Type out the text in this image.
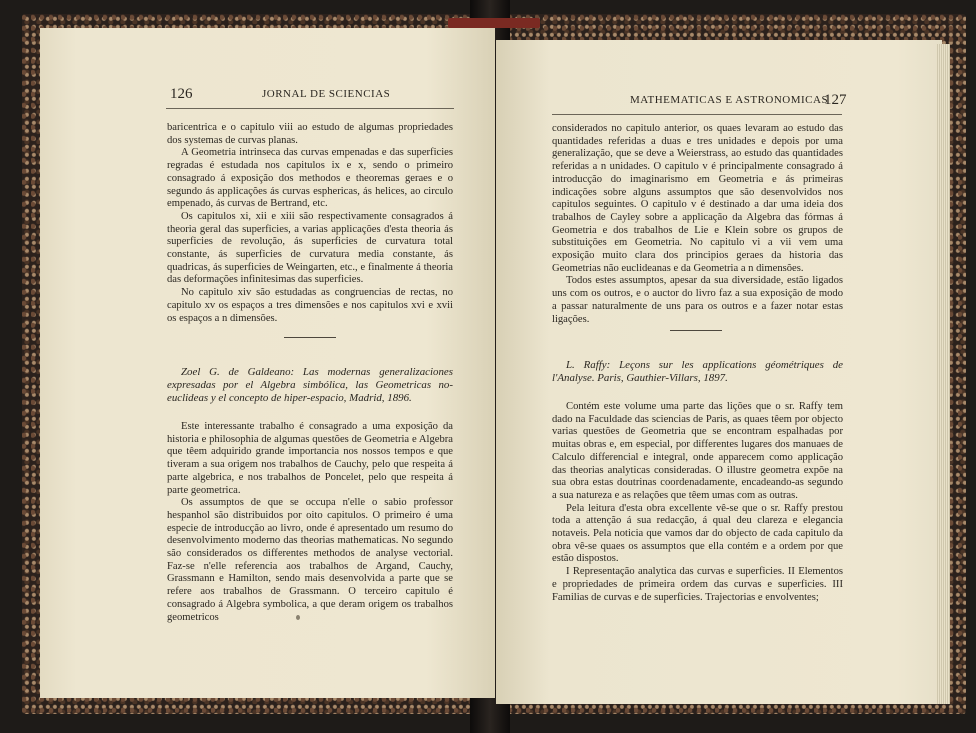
126	JORNAL DE SCIENCIAS

baricentrica e o capitulo viii ao estudo de algumas propriedades dos systemas de curvas planas.

A Geometria intrinseca das curvas empenadas e das superficies regradas é estudada nos capitulos ix e x, sendo o primeiro consagrado á exposição dos methodos e theoremas geraes e o segundo ás applicações ás curvas esphericas, ás helices, ao circulo empenado, ás curvas de Bertrand, etc.

Os capitulos xi, xii e xiii são respectivamente consagrados á theoria geral das superficies, a varias applicações d'esta theoria ás superficies de revolução, ás superficies de curvatura total constante, ás superficies de curvatura media constante, ás quadricas, ás superficies de Weingarten, etc., e finalmente á theoria das deformações infinitesimas das superficies.

No capitulo xiv são estudadas as congruencias de rectas, no capitulo xv os espaços a tres dimensões e nos capitulos xvi e xvii os espaços a n dimensões.

Zoel G. de Galdeano: Las modernas generalizaciones expresadas por el Algebra simbólica, las Geometricas no-euclideas y el concepto de hiper-espacio, Madrid, 1896.

Este interessante trabalho é consagrado a uma exposição da historia e philosophia de algumas questões de Geometria e Algebra que têem adquirido grande importancia nos nossos tempos e que tiveram a sua origem nos trabalhos de Cauchy, pelo que respeita á parte algebrica, e nos trabalhos de Poncelet, pelo que respeita á parte geometrica.

Os assumptos de que se occupa n'elle o sabio professor hespanhol são distribuidos por oito capitulos. O primeiro é uma especie de introducção ao livro, onde é apresentado um resumo do desenvolvimento moderno das theorias mathematicas. No segundo são considerados os differentes methodos de analyse vectorial. Faz-se n'elle referencia aos trabalhos de Argand, Cauchy, Grassmann e Hamilton, sendo mais desenvolvida a parte que se refere aos trabalhos de Grassmann. O terceiro capitulo é consagrado á Algebra symbolica, a que deram origem os trabalhos geometricos

MATHEMATICAS E ASTRONOMICAS
127

considerados no capitulo anterior, os quaes levaram ao estudo das quantidades referidas a duas e tres unidades e depois por uma generalização, que se deve a Weierstrass, ao estudo das quantidades referidas a n unidades. O capitulo v é principalmente consagrado á introducção do imaginarismo em Geometria e ás primeiras indicações sobre alguns assumptos que são desenvolvidos nos capitulos seguintes. O capitulo v é destinado a dar uma ideia dos trabalhos de Cayley sobre a applicação da Algebra das fórmas á Geometria e dos trabalhos de Lie e Klein sobre os grupos de substituições em Geometria. No capitulo vi a vii vem uma exposição muito clara dos principios geraes da historia das Geometrias não euclideanas e da Geometria a n dimensões.

Todos estes assumptos, apesar da sua diversidade, estão ligados uns com os outros, e o auctor do livro faz a sua exposição de modo a passar naturalmente de uns para os outros e a fazer notar estas ligações.

L. Raffy: Leçons sur les applications géométriques de l'Analyse. Paris, Gauthier-Villars, 1897.

Contém este volume uma parte das lições que o sr. Raffy tem dado na Faculdade das sciencias de Paris, as quaes têem por objecto varias questões de Geometria que se encontram espalhadas por muitas obras e, em especial, por differentes lugares dos manuaes de Calculo differencial e integral, onde apparecem como applicação das theorias analyticas consideradas. O illustre geometra expõe na sua obra estas doutrinas coordenadamente, encadeando-as segundo a sua natureza e as relações que têem umas com as outras.

Pela leitura d'esta obra excellente vê-se que o sr. Raffy prestou toda a attenção á sua redacção, á qual deu clareza e elegancia notaveis. Pela noticia que vamos dar do objecto de cada capitulo da obra vê-se quaes os assumptos que ella contém e a ordem por que estão dispostos.

I Representação analytica das curvas e superficies. II Elementos e propriedades de primeira ordem das curvas e superficies. III Familias de curvas e de superficies. Trajectorias e envolventes;
